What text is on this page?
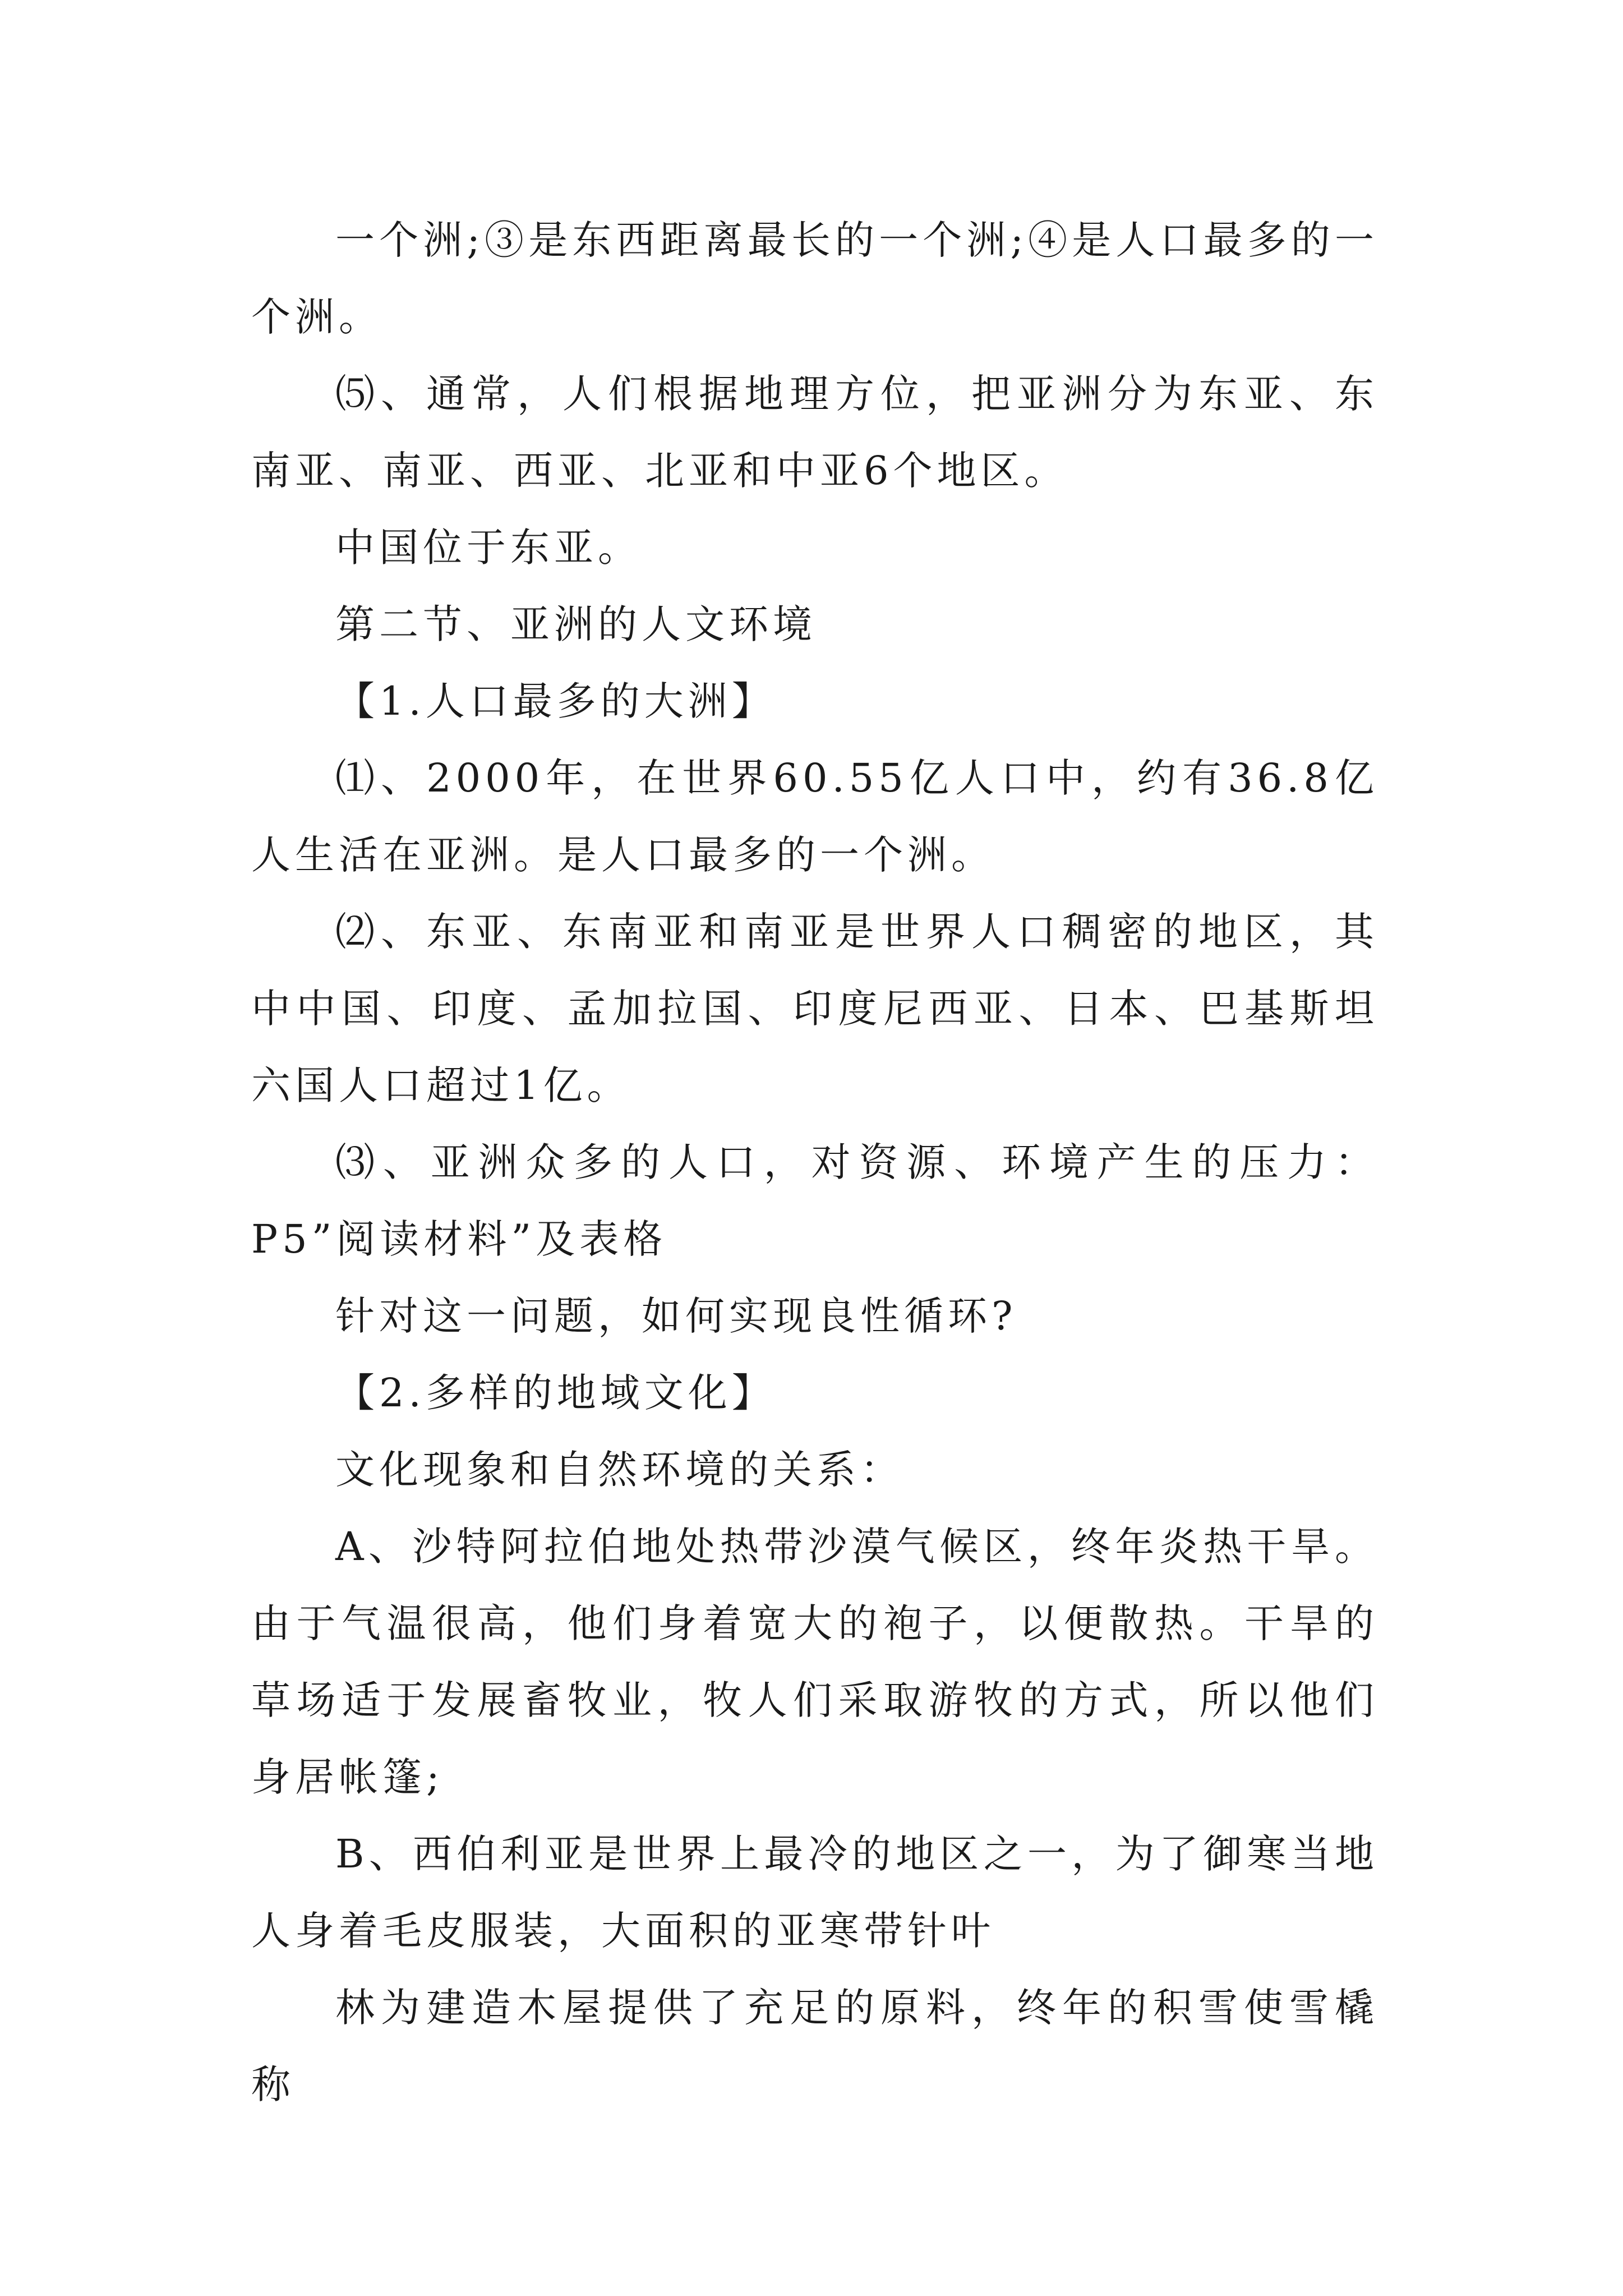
一个洲;③是东西距离最长的一个洲;④是人口最多的一个洲。

⑸、通常，人们根据地理方位，把亚洲分为东亚、东南亚、南亚、西亚、北亚和中亚6个地区。

中国位于东亚。

第二节、亚洲的人文环境

【1.人口最多的大洲】

⑴、2000年，在世界60.55亿人口中，约有36.8亿人生活在亚洲。是人口最多的一个洲。

⑵、东亚、东南亚和南亚是世界人口稠密的地区，其中中国、印度、孟加拉国、印度尼西亚、日本、巴基斯坦六国人口超过1亿。

⑶、亚洲众多的人口，对资源、环境产生的压力：P5”阅读材料”及表格

针对这一问题，如何实现良性循环?

【2.多样的地域文化】

文化现象和自然环境的关系：

A、沙特阿拉伯地处热带沙漠气候区，终年炎热干旱。由于气温很高，他们身着宽大的袍子，以便散热。干旱的草场适于发展畜牧业，牧人们采取游牧的方式，所以他们身居帐篷;

B、西伯利亚是世界上最冷的地区之一，为了御寒当地人身着毛皮服装，大面积的亚寒带针叶

林为建造木屋提供了充足的原料，终年的积雪使雪橇称
